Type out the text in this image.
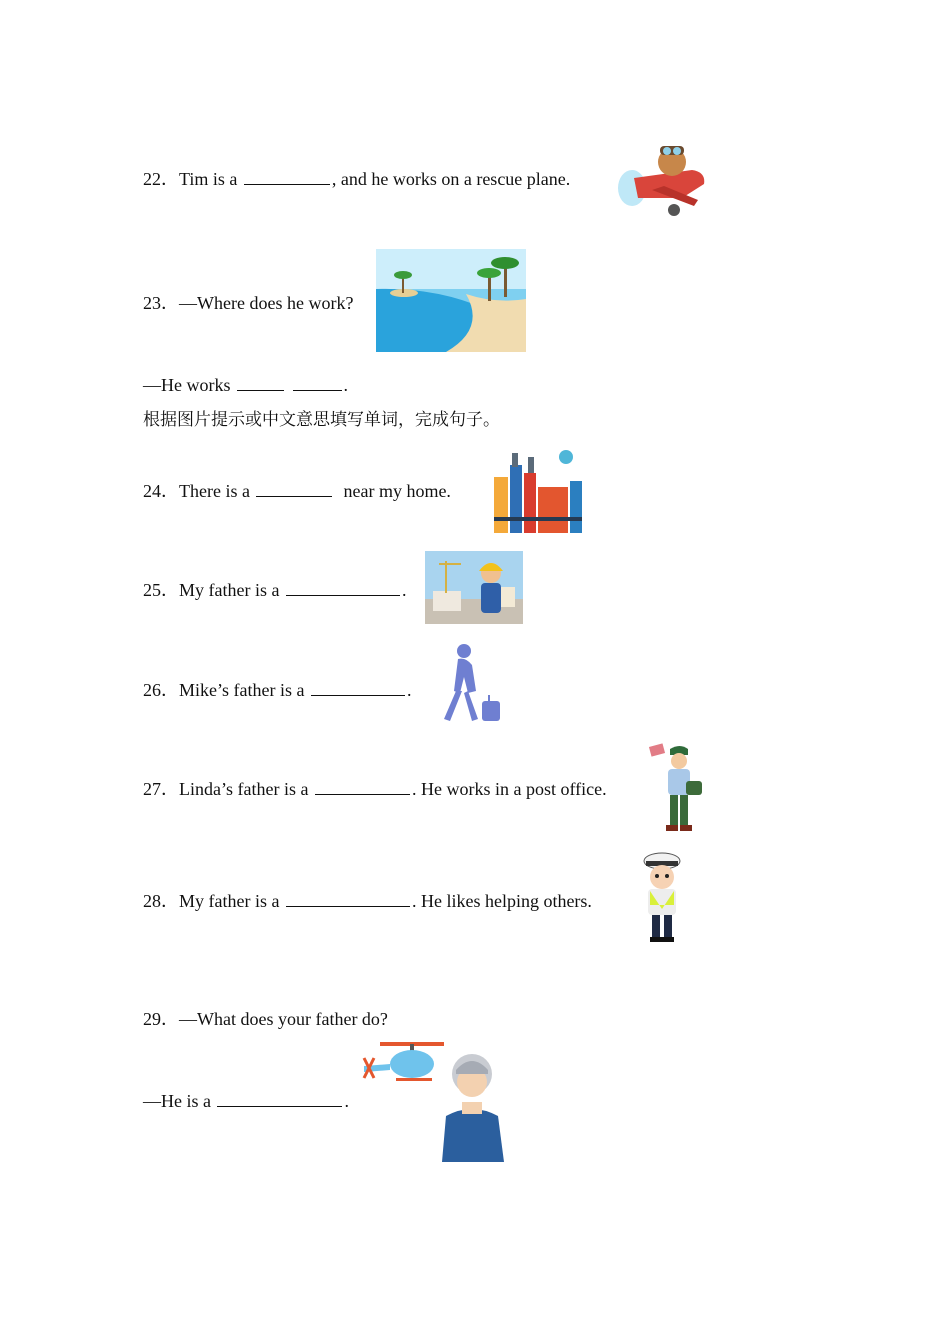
22．Tim is a	, and he works on a rescue plane.
23．—Where does he work?
—He works	.
根据图片提示或中文意思填写单词，完成句子。
24．There is a	near my home.
25．My father is a	.
26．Mike’s father is a	.
27．Linda’s father is a	. He works in a post office.
28．My father is a	. He likes helping others.
29．—What does your father do?
—He is a	.
